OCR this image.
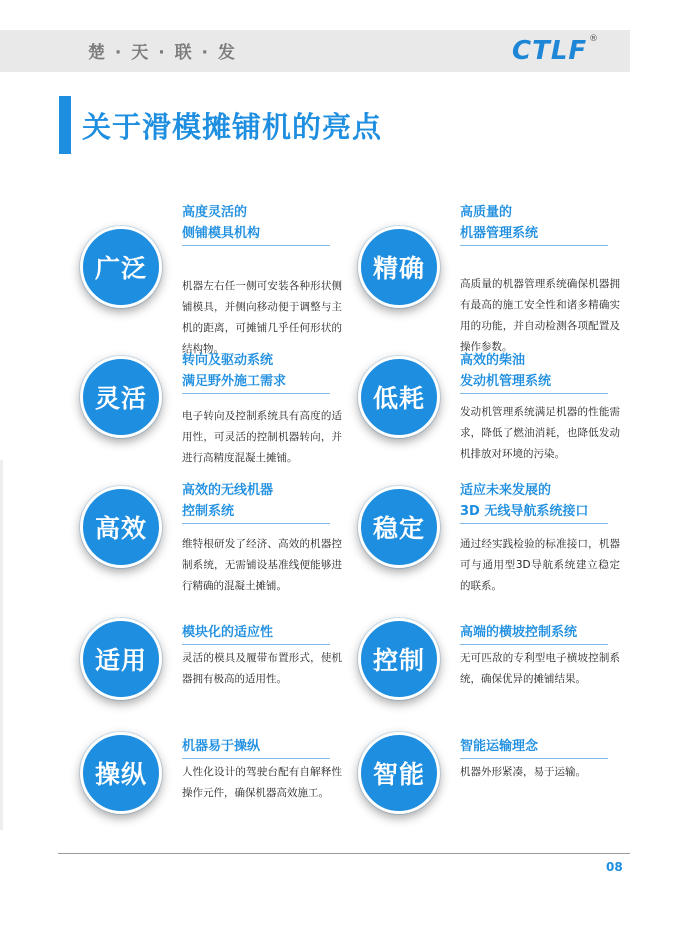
楚 · 天 · 联 · 发	CTLF ®
关于滑模摊铺机的亮点
广泛
高度灵活的
侧铺模具机构
机器左右任一侧可安装各种形状侧铺模具，并侧向移动便于调整与主机的距离，可摊铺几乎任何形状的结构物。
精确
高质量的
机器管理系统
高质量的机器管理系统确保机器拥有最高的施工安全性和诸多精确实用的功能，并自动检测各项配置及操作参数。
灵活
转向及驱动系统
满足野外施工需求
电子转向及控制系统具有高度的适用性，可灵活的控制机器转向，并进行高精度混凝土摊铺。
低耗
高效的柴油
发动机管理系统
发动机管理系统满足机器的性能需求，降低了燃油消耗，也降低发动机排放对环境的污染。
高效
高效的无线机器
控制系统
维特根研发了经济、高效的机器控制系统，无需铺设基准线便能够进行精确的混凝土摊铺。
稳定
适应未来发展的
3D 无线导航系统接口
通过经实践检验的标准接口，机器可与通用型3D导航系统建立稳定的联系。
适用
模块化的适应性
灵活的模具及履带布置形式，使机器拥有极高的适用性。
控制
高端的横坡控制系统
无可匹敌的专利型电子横坡控制系统，确保优异的摊铺结果。
操纵
机器易于操纵
人性化设计的驾驶台配有自解释性操作元件，确保机器高效施工。
智能
智能运输理念
机器外形紧凑，易于运输。
08
